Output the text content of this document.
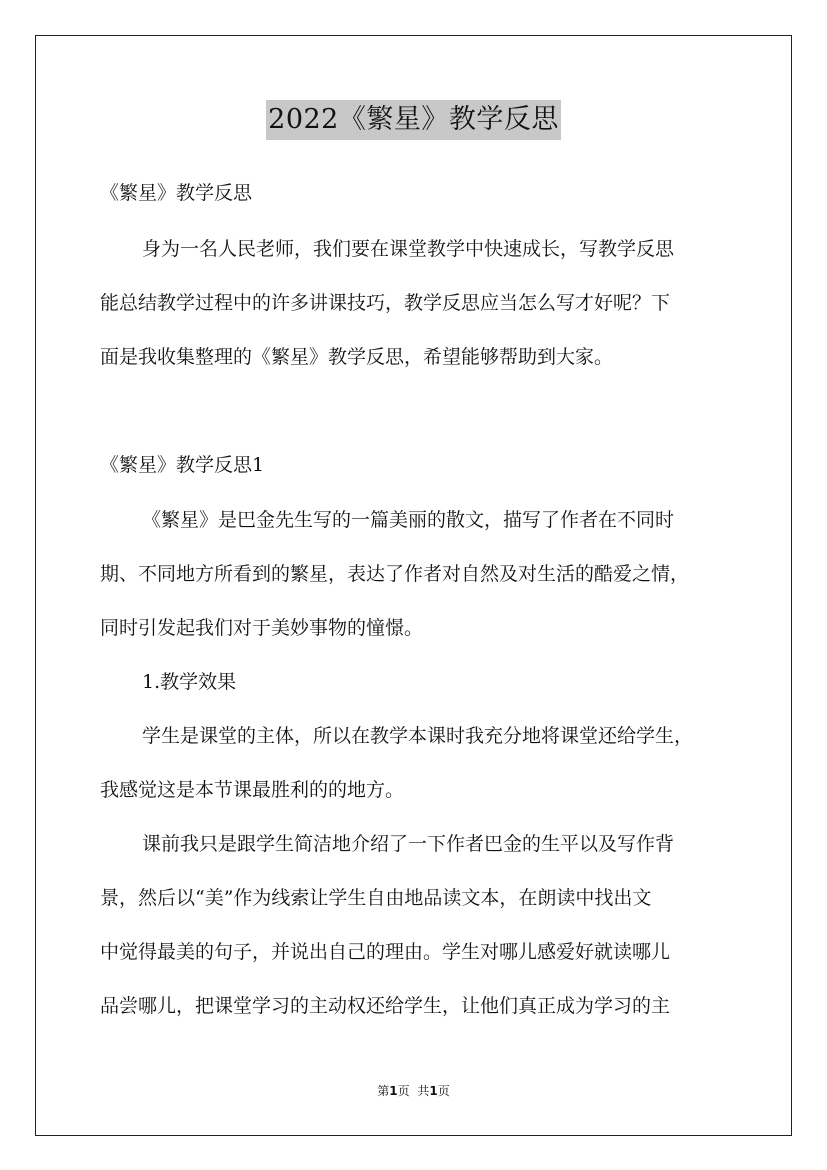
2022《繁星》教学反思
《繁星》教学反思
身为一名人民老师，我们要在课堂教学中快速成长，写教学反思
能总结教学过程中的许多讲课技巧，教学反思应当怎么写才好呢？下
面是我收集整理的《繁星》教学反思，希望能够帮助到大家。
《繁星》教学反思1
《繁星》是巴金先生写的一篇美丽的散文，描写了作者在不同时
期、不同地方所看到的繁星，表达了作者对自然及对生活的酷爱之情，
同时引发起我们对于美妙事物的憧憬。
1.教学效果
学生是课堂的主体，所以在教学本课时我充分地将课堂还给学生，
我感觉这是本节课最胜利的的地方。
课前我只是跟学生简洁地介绍了一下作者巴金的生平以及写作背
景，然后以“美”作为线索让学生自由地品读文本，在朗读中找出文
中觉得最美的句子，并说出自己的理由。学生对哪儿感爱好就读哪儿
品尝哪儿，把课堂学习的主动权还给学生，让他们真正成为学习的主
第1页 共1页
